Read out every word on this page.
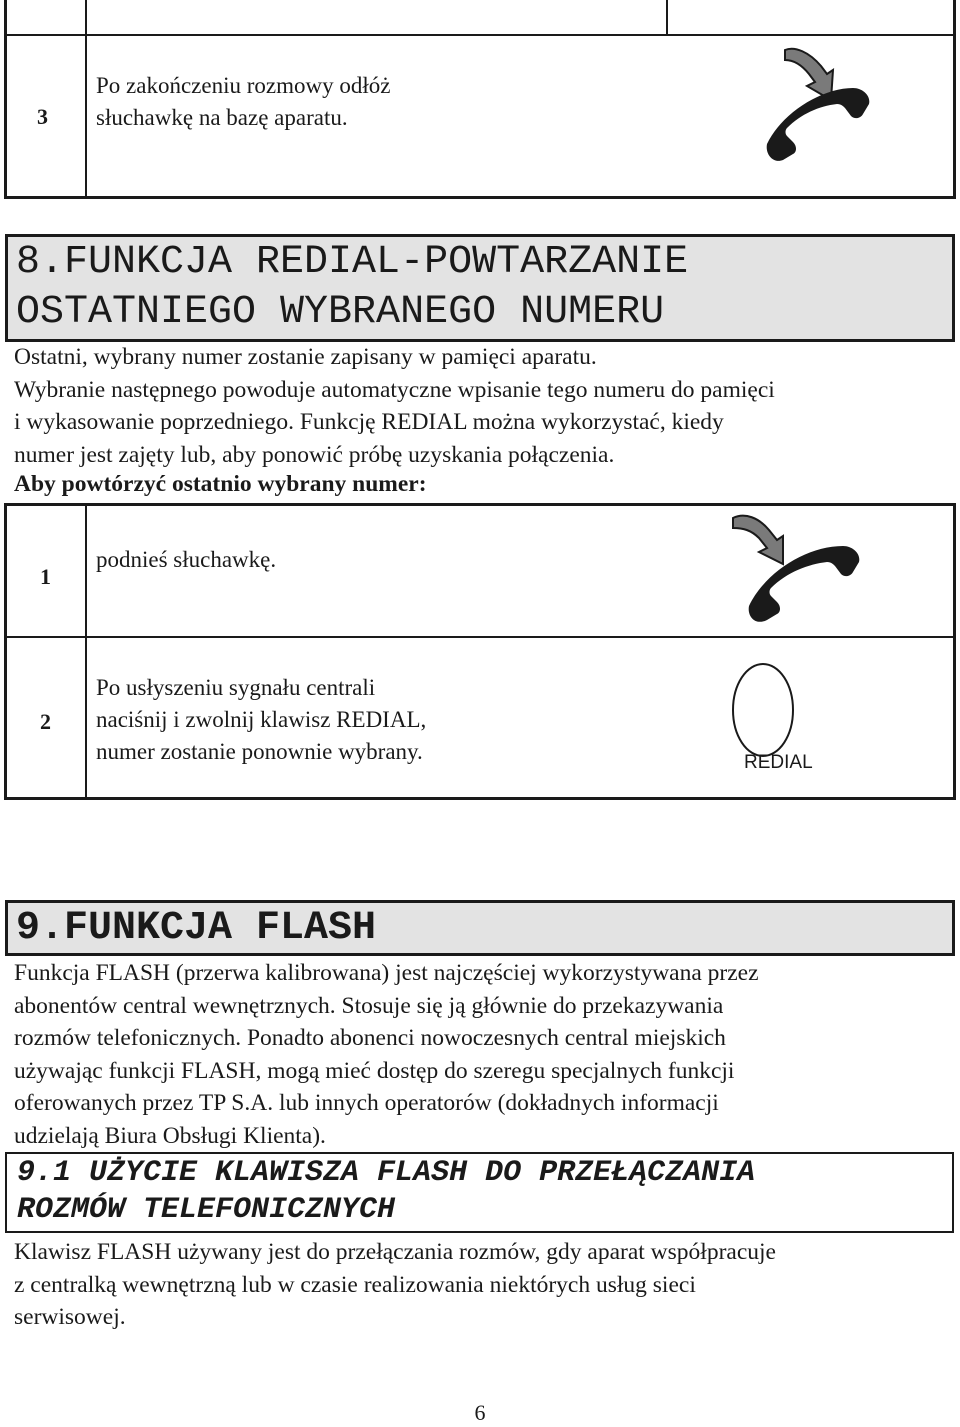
3
Po zakończeniu rozmowy odłóż
słuchawkę na bazę aparatu.
8.FUNKCJA REDIAL-POWTARZANIE
OSTATNIEGO WYBRANEGO NUMERU
Ostatni, wybrany numer zostanie zapisany w pamięci aparatu.
Wybranie następnego powoduje automatyczne wpisanie tego numeru do pamięci
i wykasowanie poprzedniego. Funkcję REDIAL można wykorzystać, kiedy
numer jest zajęty lub, aby ponowić próbę uzyskania połączenia.
Aby powtórzyć ostatnio wybrany numer:
1
podnieś słuchawkę.
2
Po usłyszeniu sygnału centrali
naciśnij i zwolnij klawisz REDIAL,
numer zostanie ponownie wybrany.	REDIAL
9.FUNKCJA FLASH
Funkcja FLASH (przerwa kalibrowana) jest najczęściej wykorzystywana przez
abonentów central wewnętrznych. Stosuje się ją głównie do przekazywania
rozmów telefonicznych. Ponadto abonenci nowoczesnych central miejskich
używając funkcji FLASH, mogą mieć dostęp do szeregu specjalnych funkcji
oferowanych przez TP S.A. lub innych operatorów (dokładnych informacji
udzielają Biura Obsługi Klienta).
9.1 UŻYCIE KLAWISZA FLASH DO PRZEŁĄCZANIA
ROZMÓW TELEFONICZNYCH
Klawisz FLASH używany jest do przełączania rozmów, gdy aparat współpracuje
z centralką wewnętrzną lub w czasie realizowania niektórych usług sieci
serwisowej.
6
